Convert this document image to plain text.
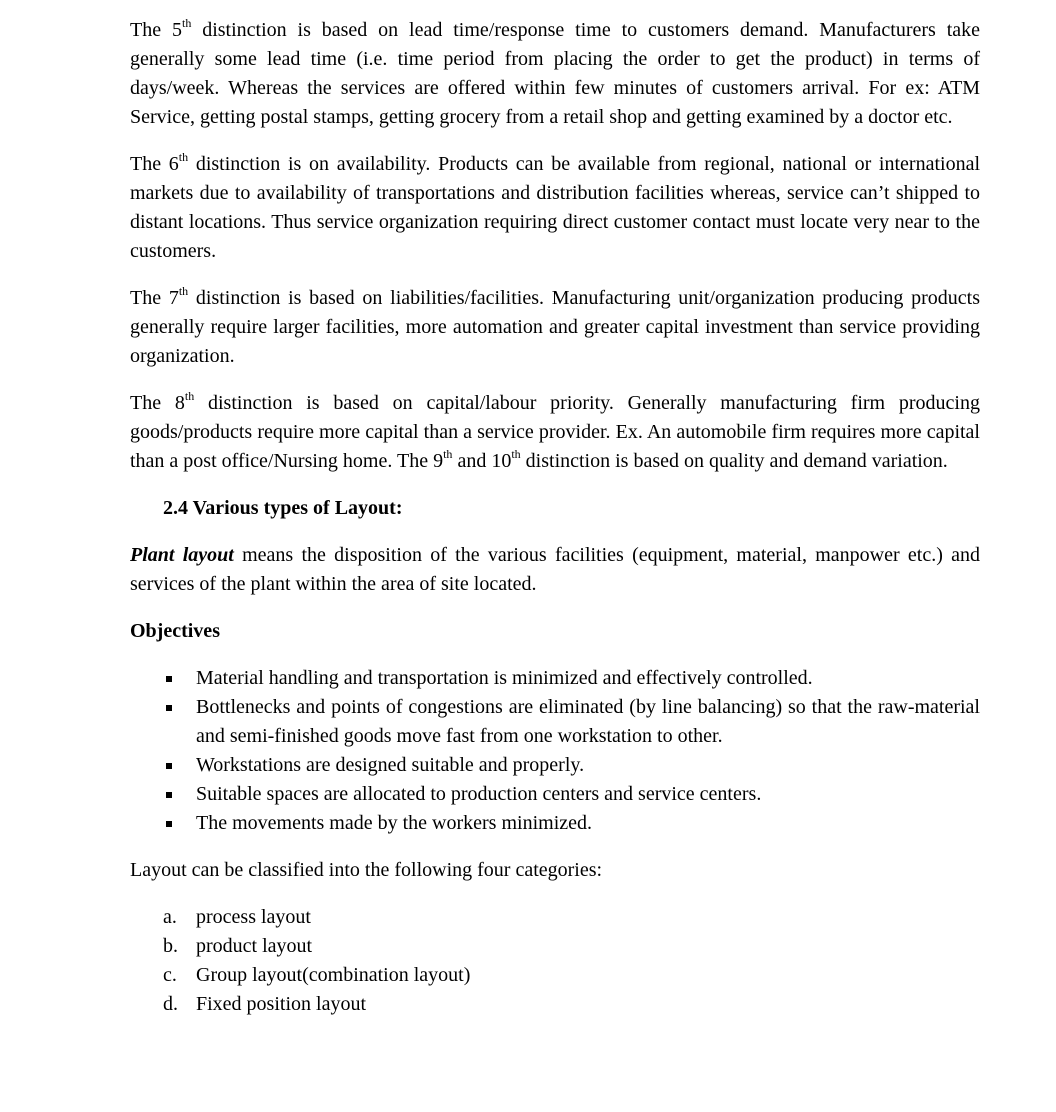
The 5th distinction is based on lead time/response time to customers demand. Manufacturers take generally some lead time (i.e. time period from placing the order to get the product) in terms of days/week. Whereas the services are offered within few minutes of customers arrival. For ex: ATM Service, getting postal stamps, getting grocery from a retail shop and getting examined by a doctor etc.

The 6th distinction is on availability. Products can be available from regional, national or international markets due to availability of transportations and distribution facilities whereas, service can’t shipped to distant locations. Thus service organization requiring direct customer contact must locate very near to the customers.

The 7th distinction is based on liabilities/facilities. Manufacturing unit/organization producing products generally require larger facilities, more automation and greater capital investment than service providing organization.

The 8th distinction is based on capital/labour priority. Generally manufacturing firm producing goods/products require more capital than a service provider. Ex. An automobile firm requires more capital than a post office/Nursing home. The 9th and 10th distinction is based on quality and demand variation.

2.4 Various types of Layout:

Plant layout means the disposition of the various facilities (equipment, material, manpower etc.) and services of the plant within the area of site located.

Objectives

Material handling and transportation is minimized and effectively controlled.
Bottlenecks and points of congestions are eliminated (by line balancing) so that the raw-material and semi-finished goods move fast from one workstation to other.
Workstations are designed suitable and properly.
Suitable spaces are allocated to production centers and service centers.
The movements made by the workers minimized.

Layout can be classified into the following four categories:

a. process layout
b. product layout
c. Group layout(combination layout)
d. Fixed position layout
